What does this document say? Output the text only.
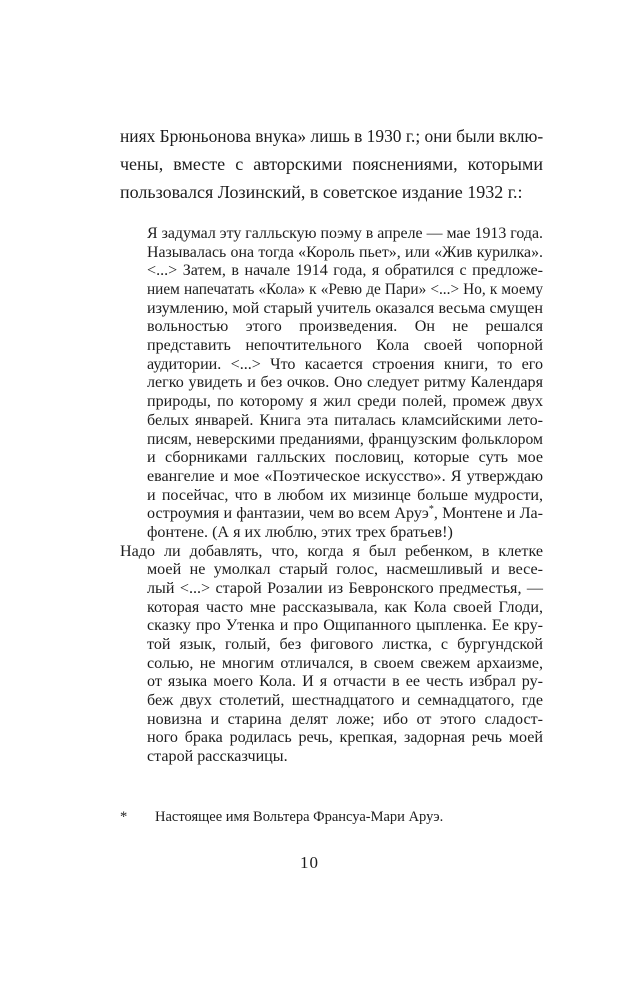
ниях Брюньонова внука» лишь в 1930 г.; они были вклю-
чены, вместе с авторскими пояснениями, которыми
пользовался Лозинский, в советское издание 1932 г.:
Я задумал эту галльскую поэму в апреле — мае 1913 года.
Называлась она тогда «Король пьет», или «Жив курилка».
<...> Затем, в начале 1914 года, я обратился с предложе-
нием напечатать «Кола» к «Ревю де Пари» <...> Но, к моему
изумлению, мой старый учитель оказался весьма смущен
вольностью этого произведения. Он не решался
представить непочтительного Кола своей чопорной
аудитории. <...> Что касается строения книги, то его
легко увидеть и без очков. Оно следует ритму Календаря
природы, по которому я жил среди полей, промеж двух
белых январей. Книга эта питалась кламсийскими лето-
писям, неверскими преданиями, французским фольклором
и сборниками галльских пословиц, которые суть мое
евангелие и мое «Поэтическое искусство». Я утверждаю
и посейчас, что в любом их мизинце больше мудрости,
остроумия и фантазии, чем во всем Аруэ*, Монтене и Ла-
фонтене. (А я их люблю, этих трех братьев!)
Надо ли добавлять, что, когда я был ребенком, в клетке
моей не умолкал старый голос, насмешливый и весе-
лый <...> старой Розалии из Бевронского предместья, —
которая часто мне рассказывала, как Кола своей Глоди,
сказку про Утенка и про Ощипанного цыпленка. Ее кру-
той язык, голый, без фигового листка, с бургундской
солью, не многим отличался, в своем свежем архаизме,
от языка моего Кола. И я отчасти в ее честь избрал ру-
беж двух столетий, шестнадцатого и семнадцатого, где
новизна и старина делят ложе; ибо от этого сладост-
ного брака родилась речь, крепкая, задорная речь моей
старой рассказчицы.
* Настоящее имя Вольтера Франсуа-Мари Аруэ.
10
